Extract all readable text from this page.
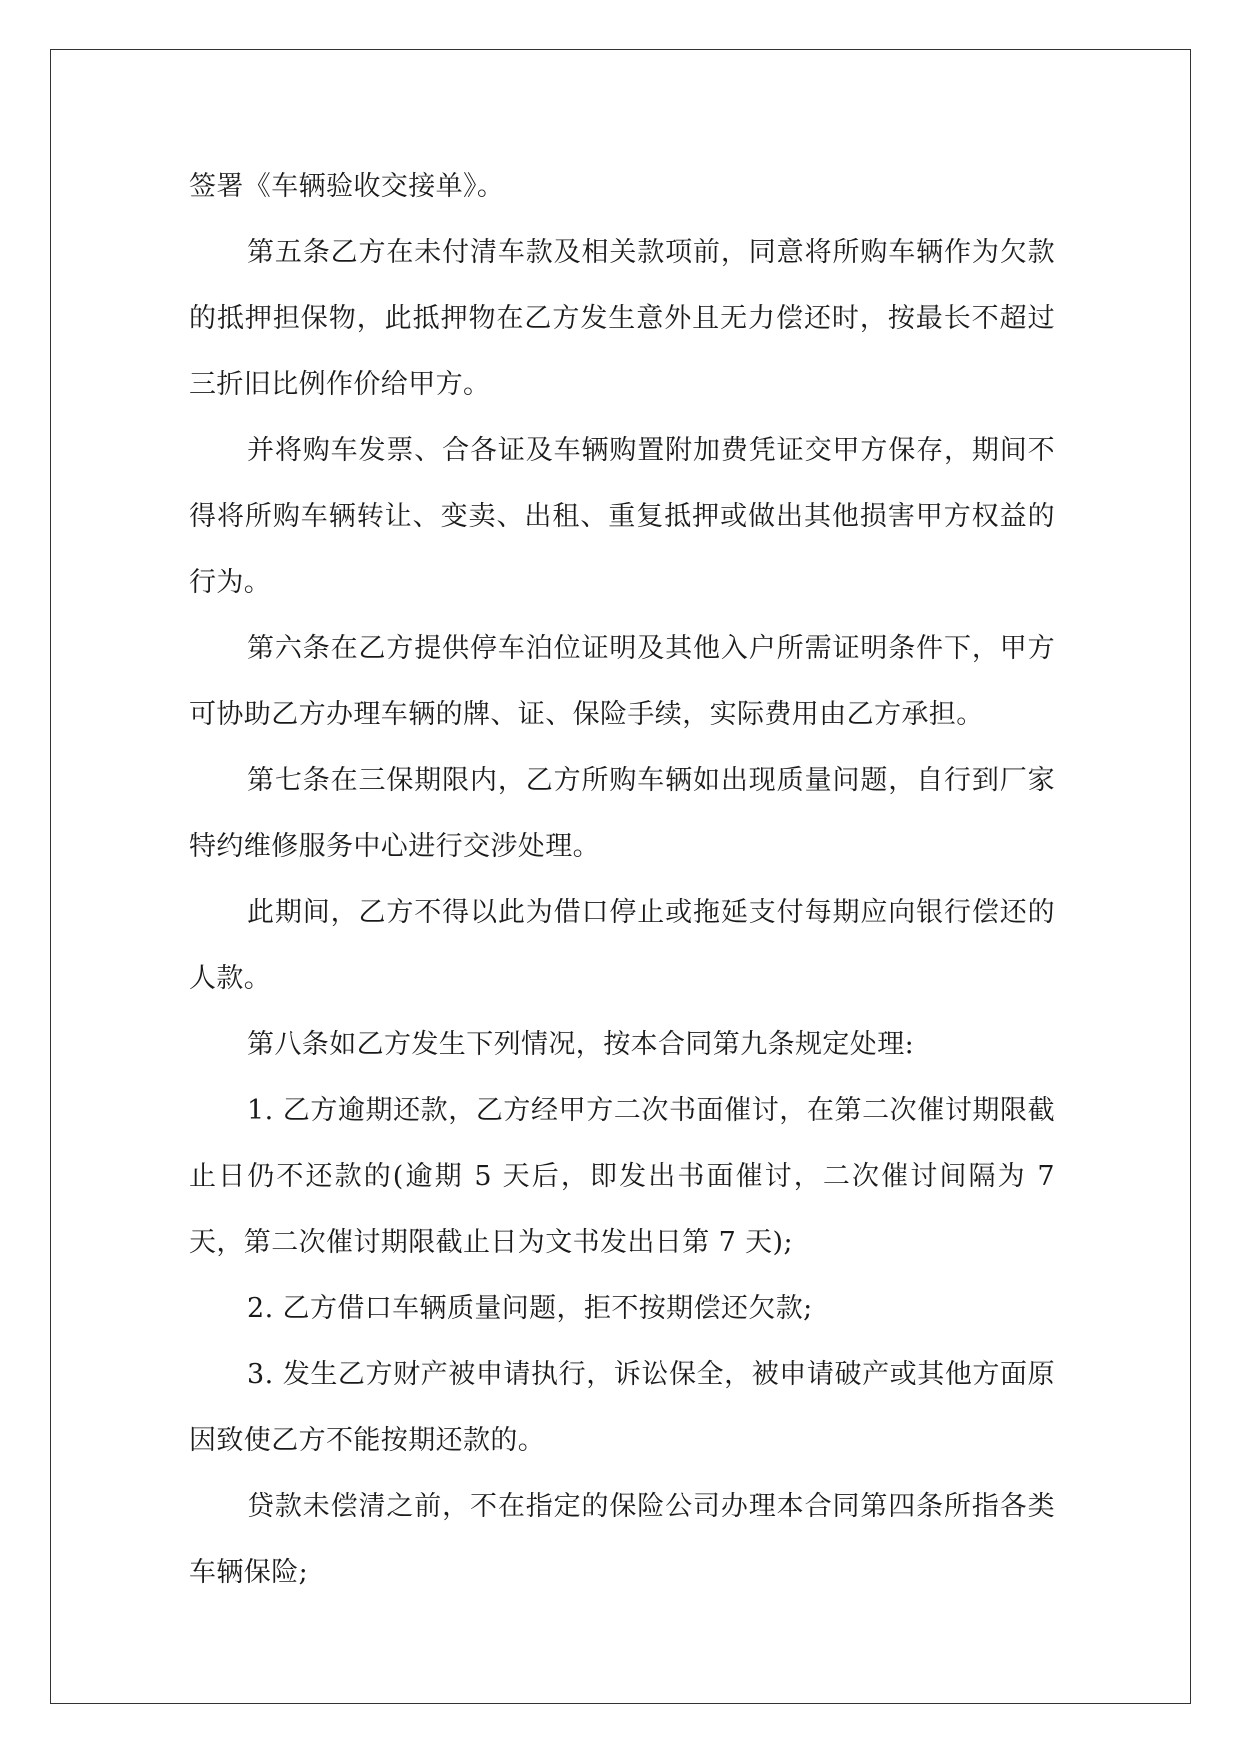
签署《车辆验收交接单》。

第五条乙方在未付清车款及相关款项前，同意将所购车辆作为欠款的抵押担保物，此抵押物在乙方发生意外且无力偿还时，按最长不超过三折旧比例作价给甲方。

并将购车发票、合各证及车辆购置附加费凭证交甲方保存，期间不得将所购车辆转让、变卖、出租、重复抵押或做出其他损害甲方权益的行为。

第六条在乙方提供停车泊位证明及其他入户所需证明条件下，甲方可协助乙方办理车辆的牌、证、保险手续，实际费用由乙方承担。

第七条在三保期限内，乙方所购车辆如出现质量问题，自行到厂家特约维修服务中心进行交涉处理。

此期间，乙方不得以此为借口停止或拖延支付每期应向银行偿还的人款。

第八条如乙方发生下列情况，按本合同第九条规定处理:

1. 乙方逾期还款，乙方经甲方二次书面催讨，在第二次催讨期限截止日仍不还款的(逾期 5 天后，即发出书面催讨，二次催讨间隔为 7 天，第二次催讨期限截止日为文书发出日第 7 天);

2. 乙方借口车辆质量问题，拒不按期偿还欠款;

3. 发生乙方财产被申请执行，诉讼保全，被申请破产或其他方面原因致使乙方不能按期还款的。

贷款未偿清之前，不在指定的保险公司办理本合同第四条所指各类车辆保险;
